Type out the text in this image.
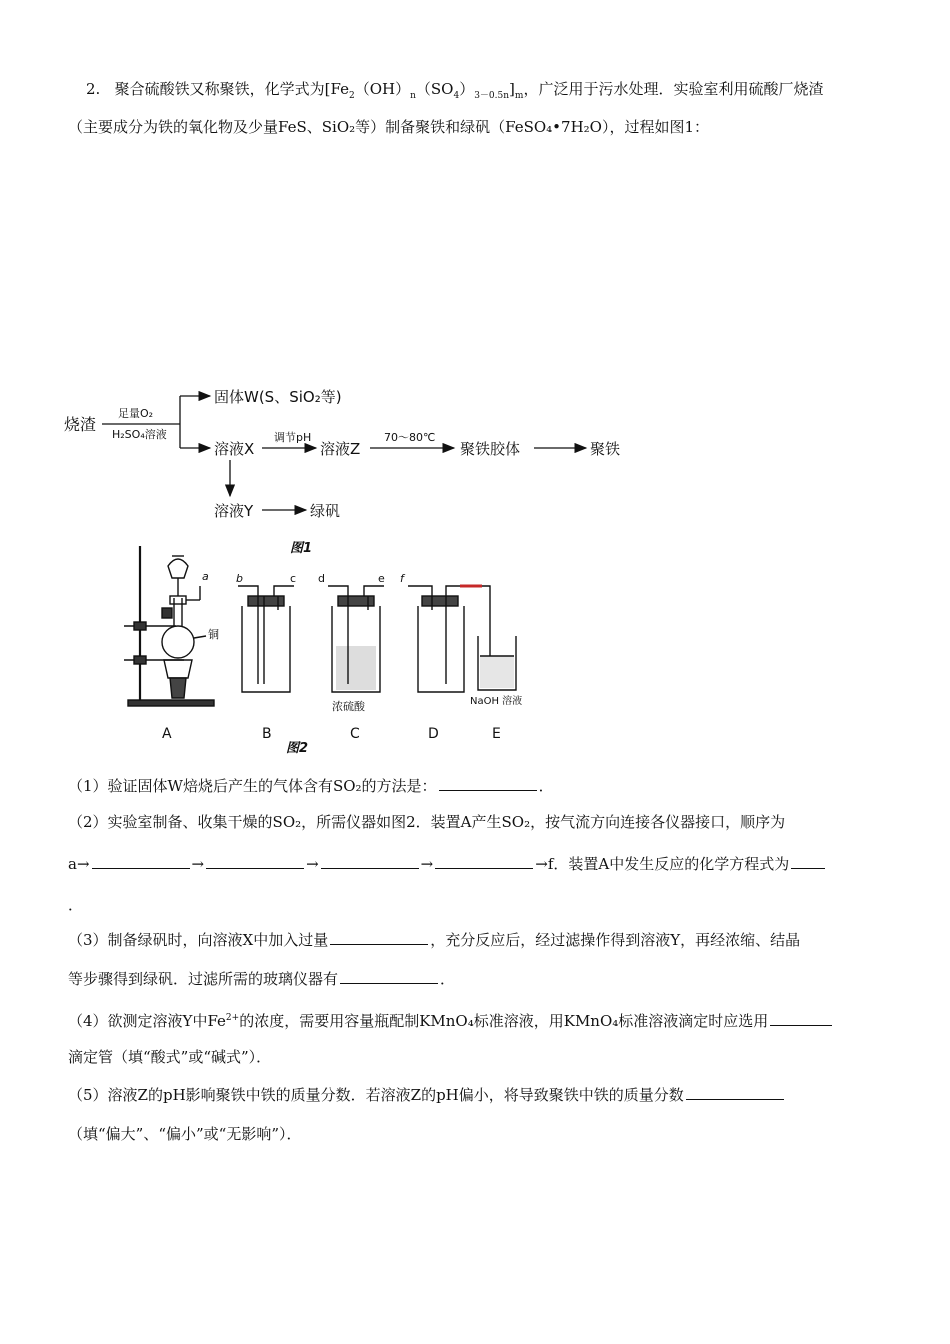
2. 聚合硫酸铁又称聚铁，化学式为$[Fe_2(OH)_n(SO_4)_{3-0.5n}]_m$，广泛用于污水处理．实验室利用硫酸厂烧渣
（主要成分为铁的氧化物及少量FeS、SiO₂等）制备聚铁和绿矾（FeSO₄•7H₂O），过程如图1：
烧渣
足量O₂
H₂SO₄溶液
固体W(S、SiO₂等)
溶液X
调节pH
溶液Z
70～80℃
聚铁胶体	聚铁
溶液Y	绿矾
图1
a
铜
A
b	c
B
d	e
浓硫酸
C
f
D
NaOH 溶液
E
图2
（1）验证固体W焙烧后产生的气体含有SO₂的方法是：	．
（2）实验室制备、收集干燥的SO₂，所需仪器如图2．装置A产生SO₂，按气流方向连接各仪器接口，顺序为
a→	→	→	→	→f．装置A中发生反应的化学方程式为
．
（3）制备绿矾时，向溶液X中加入过量	，充分反应后，经过滤操作得到溶液Y，再经浓缩、结晶
等步骤得到绿矾．过滤所需的玻璃仪器有	．
（4）欲测定溶液Y中$Fe^{2+}$的浓度，需要用容量瓶配制KMnO₄标准溶液，用KMnO₄标准溶液滴定时应选用
滴定管（填“酸式”或“碱式”）．
（5）溶液Z的pH影响聚铁中铁的质量分数．若溶液Z的pH偏小，将导致聚铁中铁的质量分数
（填“偏大”、“偏小”或“无影响”）．
